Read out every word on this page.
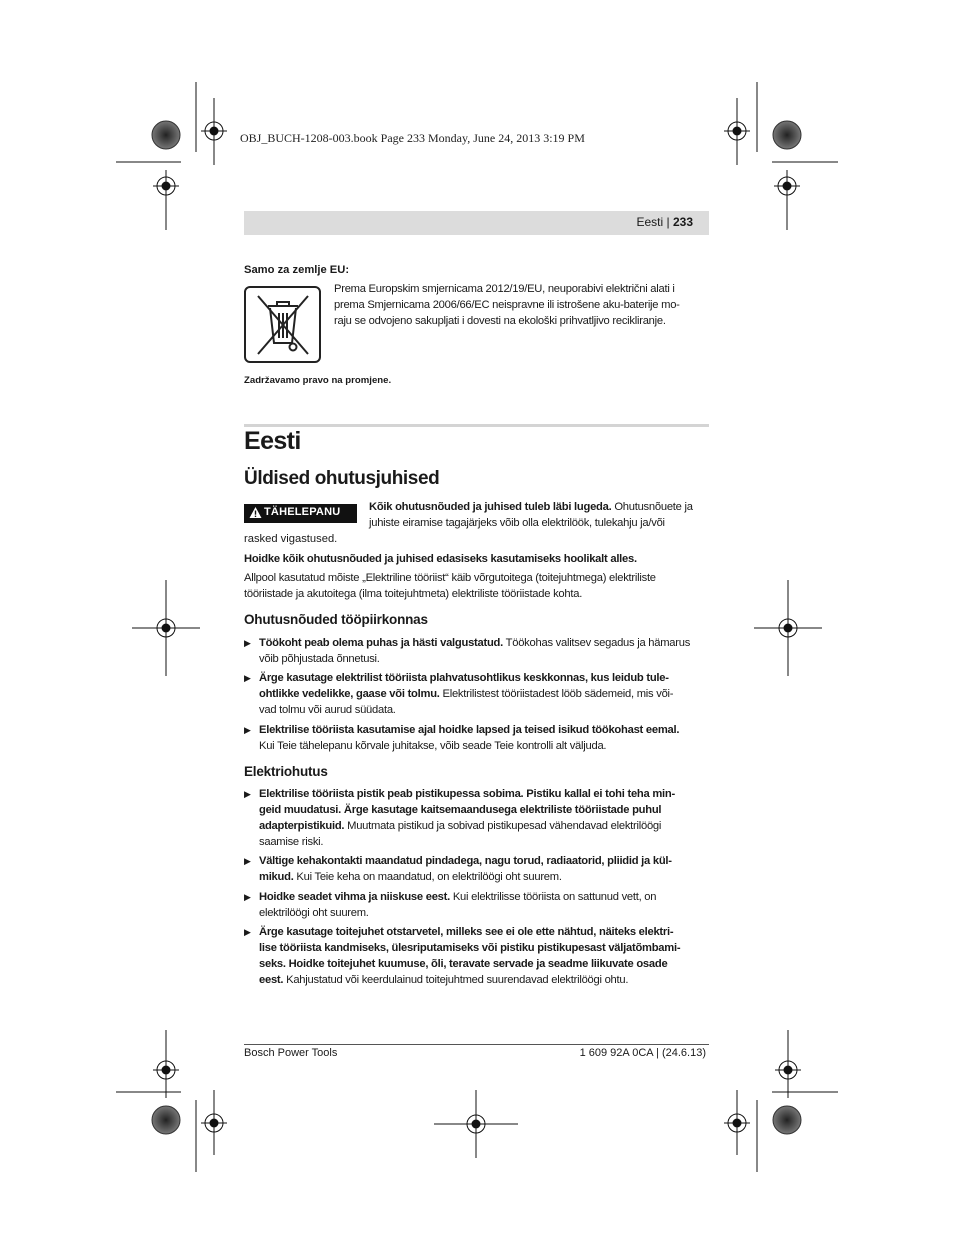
OBJ_BUCH-1208-003.book Page 233 Monday, June 24, 2013 3:19 PM
Eesti | 233
Samo za zemlje EU:
Prema Europskim smjernicama 2012/19/EU, neuporabivi električni alati i
prema Smjernicama 2006/66/EC neispravne ili istrošene aku-baterije mo-
raju se odvojeno sakupljati i dovesti na ekološki prihvatljivo recikliranje.
Zadržavamo pravo na promjene.
Eesti
Üldised ohutusjuhised
TÄHELEPANU	Kõik ohutusnõuded ja juhised tuleb läbi lugeda. Ohutusnõuete ja
juhiste eiramise tagajärjeks võib olla elektrilöök, tulekahju ja/või
rasked vigastused.
Hoidke kõik ohutusnõuded ja juhised edasiseks kasutamiseks hoolikalt alles.
Allpool kasutatud mõiste „Elektriline tööriist“ käib võrgutoitega (toitejuhtmega) elektriliste
tööriistade ja akutoitega (ilma toitejuhtmeta) elektriliste tööriistade kohta.
Ohutusnõuded tööpiirkonnas
▶ Töökoht peab olema puhas ja hästi valgustatud. Töökohas valitsev segadus ja hämarus
võib põhjustada õnnetusi.
▶ Ärge kasutage elektrilist tööriista plahvatusohtlikus keskkonnas, kus leidub tule-
ohtlikke vedelikke, gaase või tolmu. Elektrilistest tööriistadest lööb sädemeid, mis või-
vad tolmu või aurud süüdata.
▶ Elektrilise tööriista kasutamise ajal hoidke lapsed ja teised isikud töökohast eemal.
Kui Teie tähelepanu kõrvale juhitakse, võib seade Teie kontrolli alt väljuda.
Elektriohutus
▶ Elektrilise tööriista pistik peab pistikupessa sobima. Pistiku kallal ei tohi teha min-
geid muudatusi. Ärge kasutage kaitsemaandusega elektriliste tööriistade puhul
adapterpistikuid. Muutmata pistikud ja sobivad pistikupesad vähendavad elektrilöögi
saamise riski.
▶ Vältige kehakontakti maandatud pindadega, nagu torud, radiaatorid, pliidid ja kül-
mikud. Kui Teie keha on maandatud, on elektrilöögi oht suurem.
▶ Hoidke seadet vihma ja niiskuse eest. Kui elektrilisse tööriista on sattunud vett, on
elektrilöögi oht suurem.
▶ Ärge kasutage toitejuhet otstarvetel, milleks see ei ole ette nähtud, näiteks elektri-
lise tööriista kandmiseks, ülesriputamiseks või pistiku pistikupesast väljatõmbami-
seks. Hoidke toitejuhet kuumuse, õli, teravate servade ja seadme liikuvate osade
eest. Kahjustatud või keerdulainud toitejuhtmed suurendavad elektrilöögi ohtu.
Bosch Power Tools	1 609 92A 0CA | (24.6.13)
